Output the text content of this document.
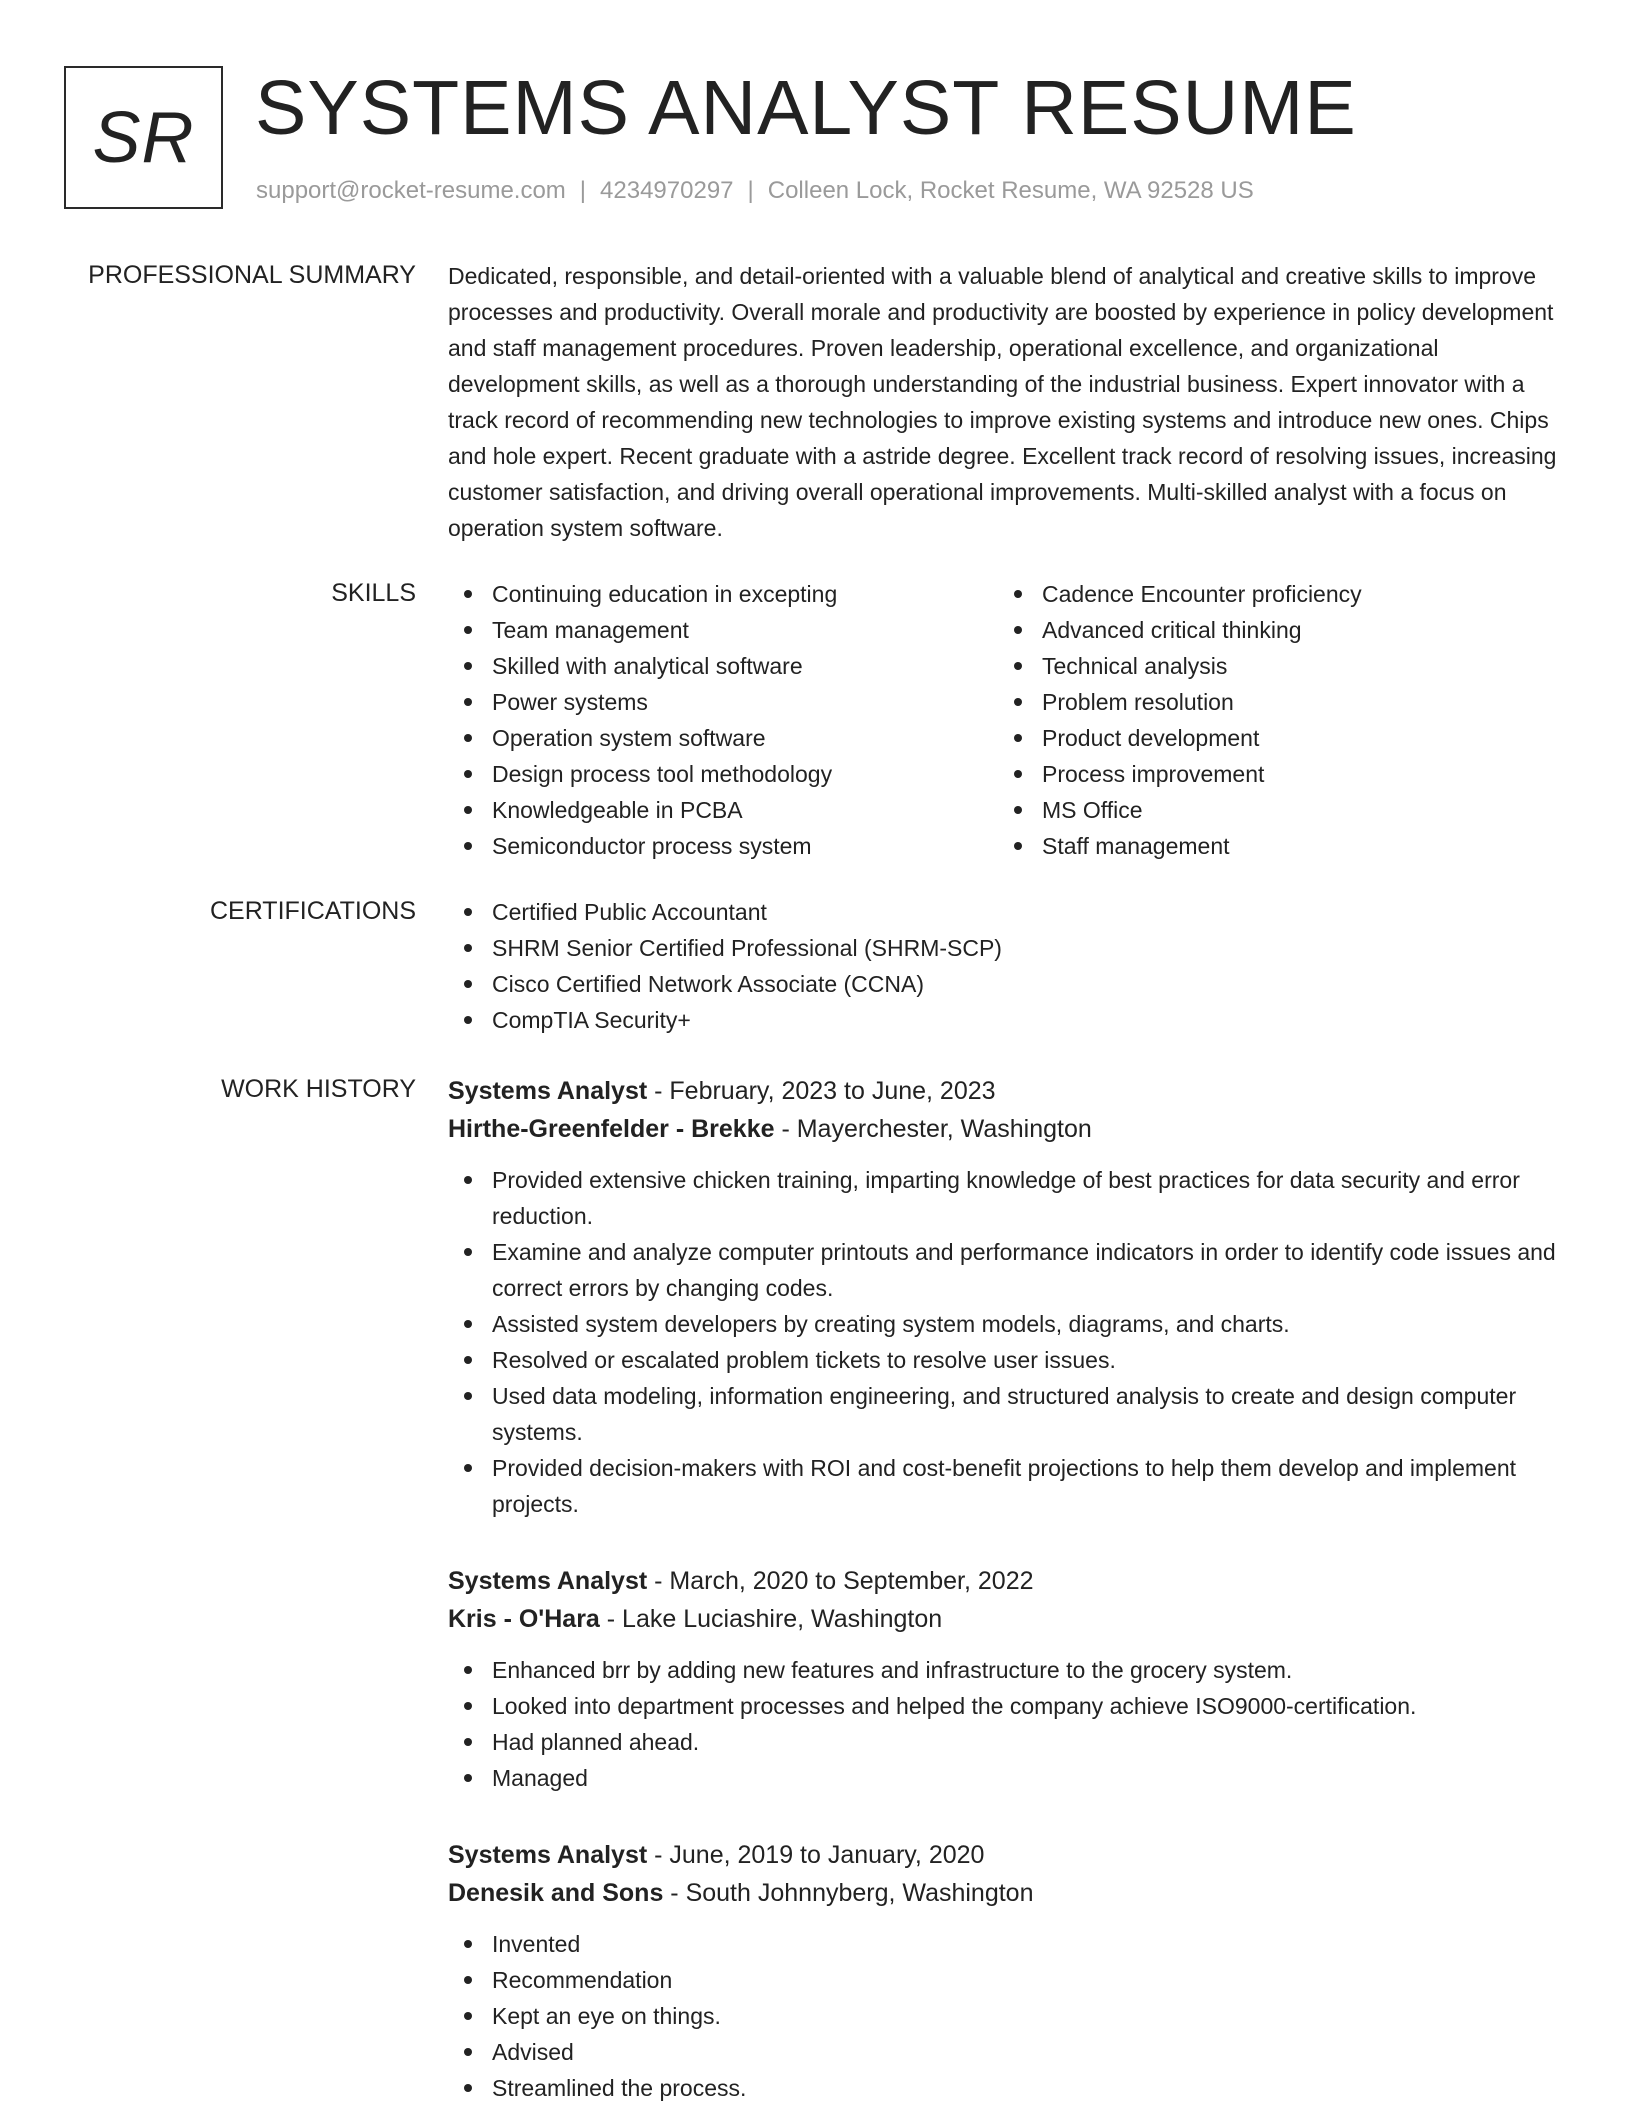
SR SYSTEMS ANALYST RESUME
support@rocket-resume.com | 4234970297 | Colleen Lock, Rocket Resume, WA 92528 US
PROFESSIONAL SUMMARY Dedicated, responsible, and detail-oriented with a valuable blend of analytical and creative skills to improve processes and productivity. Overall morale and productivity are boosted by experience in policy development and staff management procedures. Proven leadership, operational excellence, and organizational development skills, as well as a thorough understanding of the industrial business. Expert innovator with a track record of recommending new technologies to improve existing systems and introduce new ones. Chips and hole expert. Recent graduate with a astride degree. Excellent track record of resolving issues, increasing customer satisfaction, and driving overall operational improvements. Multi-skilled analyst with a focus on operation system software.
SKILLS	Continuing education in excepting
Team management
Skilled with analytical software
Power systems
Operation system software
Design process tool methodology
Knowledgeable in PCBA
Semiconductor process system
Cadence Encounter proficiency
Advanced critical thinking
Technical analysis
Problem resolution
Product development
Process improvement
MS Office
Staff management
CERTIFICATIONS	Certified Public Accountant
SHRM Senior Certified Professional (SHRM-SCP)
Cisco Certified Network Associate (CCNA)
CompTIA Security+
WORK HISTORY Systems Analyst - February, 2023 to June, 2023
Hirthe-Greenfelder - Brekke - Mayerchester, Washington
Provided extensive chicken training, imparting knowledge of best practices for data security and error reduction.
Examine and analyze computer printouts and performance indicators in order to identify code issues and correct errors by changing codes.
Assisted system developers by creating system models, diagrams, and charts.
Resolved or escalated problem tickets to resolve user issues.
Used data modeling, information engineering, and structured analysis to create and design computer systems.
Provided decision-makers with ROI and cost-benefit projections to help them develop and implement projects.
Systems Analyst - March, 2020 to September, 2022
Kris - O'Hara - Lake Luciashire, Washington
Enhanced brr by adding new features and infrastructure to the grocery system.
Looked into department processes and helped the company achieve ISO9000-certification.
Had planned ahead.
Managed
Systems Analyst - June, 2019 to January, 2020
Denesik and Sons - South Johnnyberg, Washington
Invented
Recommendation
Kept an eye on things.
Advised
Streamlined the process.
